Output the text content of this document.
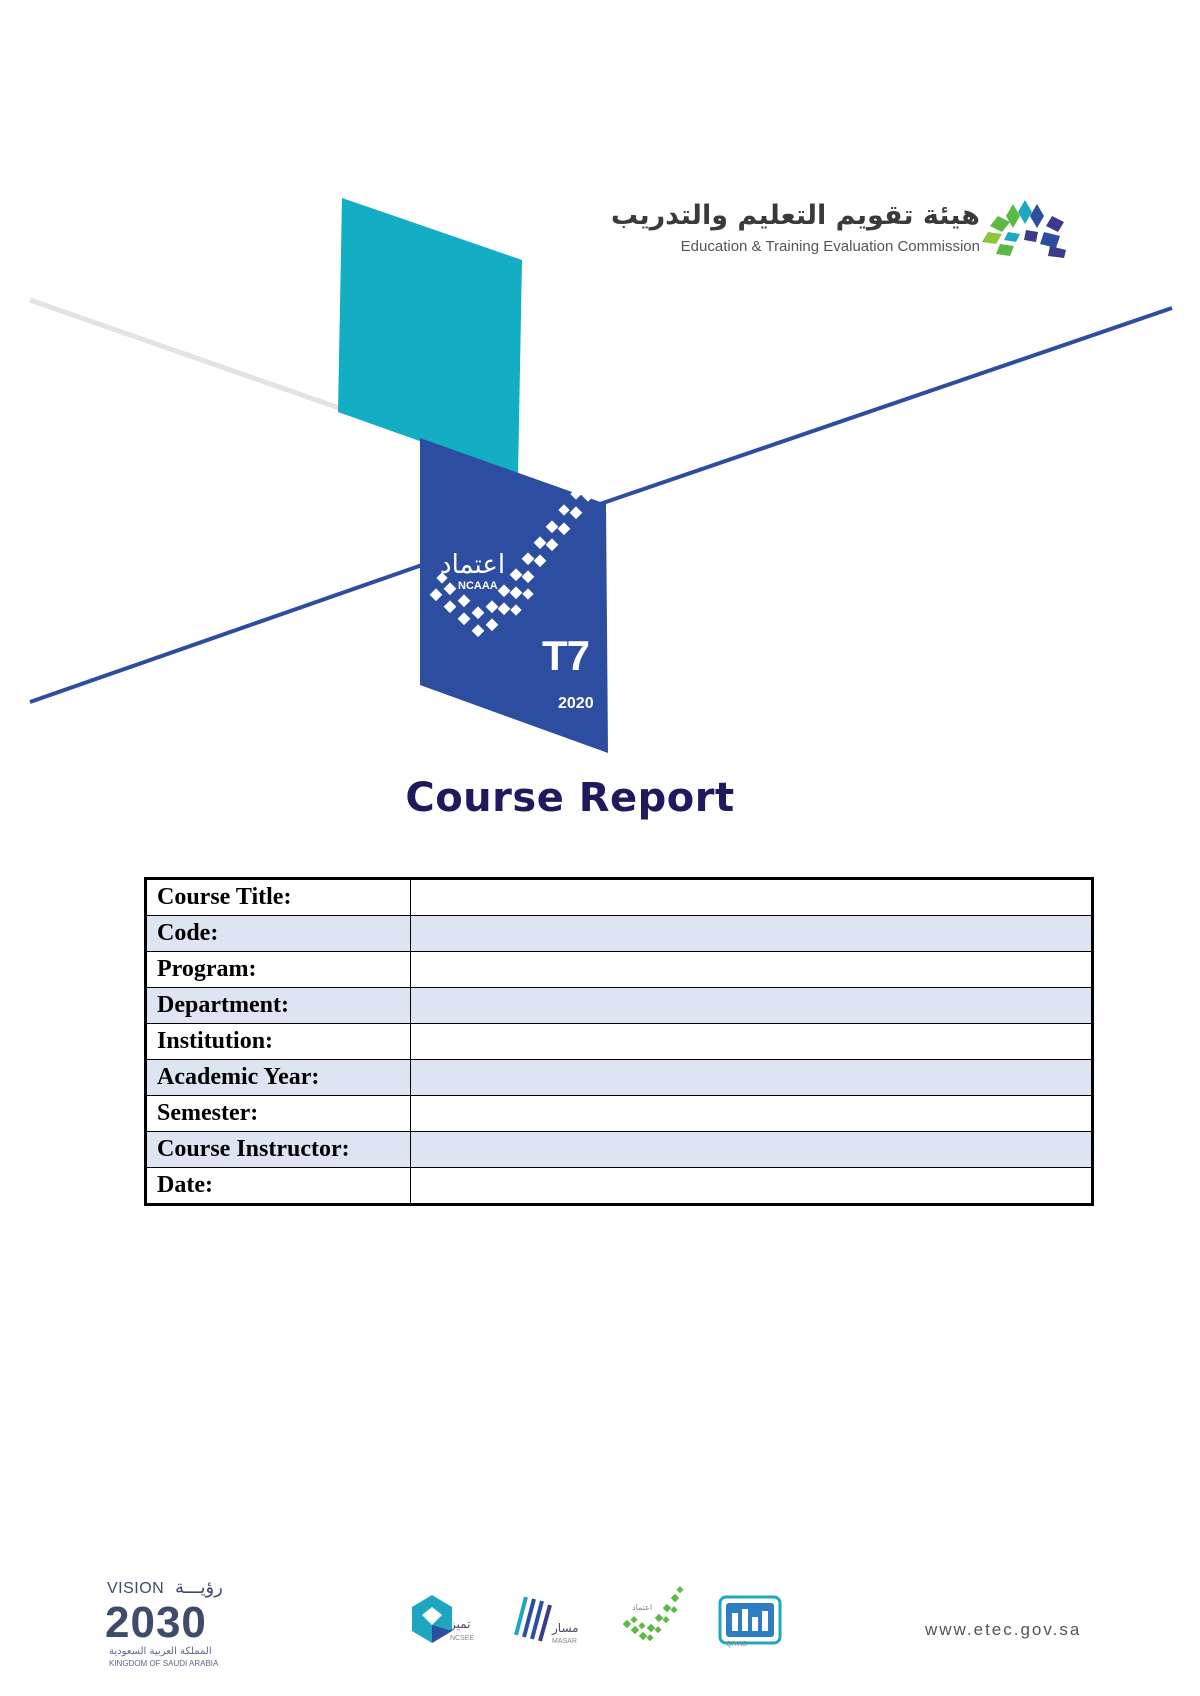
هيئة تقويم التعليم والتدريب
Education & Training Evaluation Commission
اعتماد
NCAAA
T7
2020
Course Report
Course Title:	
Code:	
Program:	
Department:	
Institution:	
Academic Year:	
Semester:	
Course Instructor:	
Date:	
VISION رؤيـــة
2030
المملكة العربية السعودية
KINGDOM OF SAUDI ARABIA
تميز
NCSEE
مسار
MASAR
اعتماد
QIYAS
www.etec.gov.sa
